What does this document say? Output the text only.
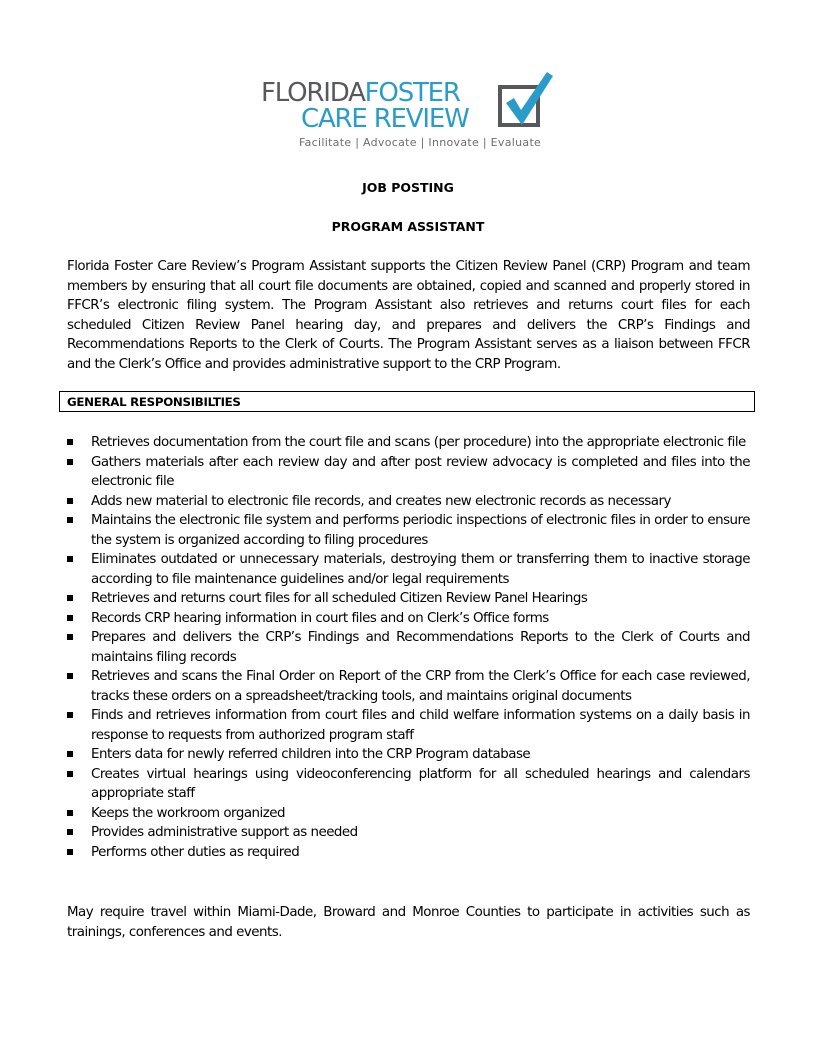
FLORIDAFOSTER
CARE REVIEW
Facilitate | Advocate | Innovate | Evaluate
JOB POSTING
PROGRAM ASSISTANT
Florida Foster Care Review’s Program Assistant supports the Citizen Review Panel (CRP) Program and team members by ensuring that all court file documents are obtained, copied and scanned and properly stored in FFCR’s electronic filing system. The Program Assistant also retrieves and returns court files for each scheduled Citizen Review Panel hearing day, and prepares and delivers the CRP’s Findings and Recommendations Reports to the Clerk of Courts. The Program Assistant serves as a liaison between FFCR and the Clerk’s Office and provides administrative support to the CRP Program.
GENERAL RESPONSIBILTIES
Retrieves documentation from the court file and scans (per procedure) into the appropriate electronic file
Gathers materials after each review day and after post review advocacy is completed and files into the electronic file
Adds new material to electronic file records, and creates new electronic records as necessary
Maintains the electronic file system and performs periodic inspections of electronic files in order to ensure the system is organized according to filing procedures
Eliminates outdated or unnecessary materials, destroying them or transferring them to inactive storage according to file maintenance guidelines and/or legal requirements
Retrieves and returns court files for all scheduled Citizen Review Panel Hearings
Records CRP hearing information in court files and on Clerk’s Office forms
Prepares and delivers the CRP’s Findings and Recommendations Reports to the Clerk of Courts and maintains filing records
Retrieves and scans the Final Order on Report of the CRP from the Clerk’s Office for each case reviewed, tracks these orders on a spreadsheet/tracking tools, and maintains original documents
Finds and retrieves information from court files and child welfare information systems on a daily basis in response to requests from authorized program staff
Enters data for newly referred children into the CRP Program database
Creates virtual hearings using videoconferencing platform for all scheduled hearings and calendars appropriate staff
Keeps the workroom organized
Provides administrative support as needed
Performs other duties as required
May require travel within Miami-Dade, Broward and Monroe Counties to participate in activities such as trainings, conferences and events.
